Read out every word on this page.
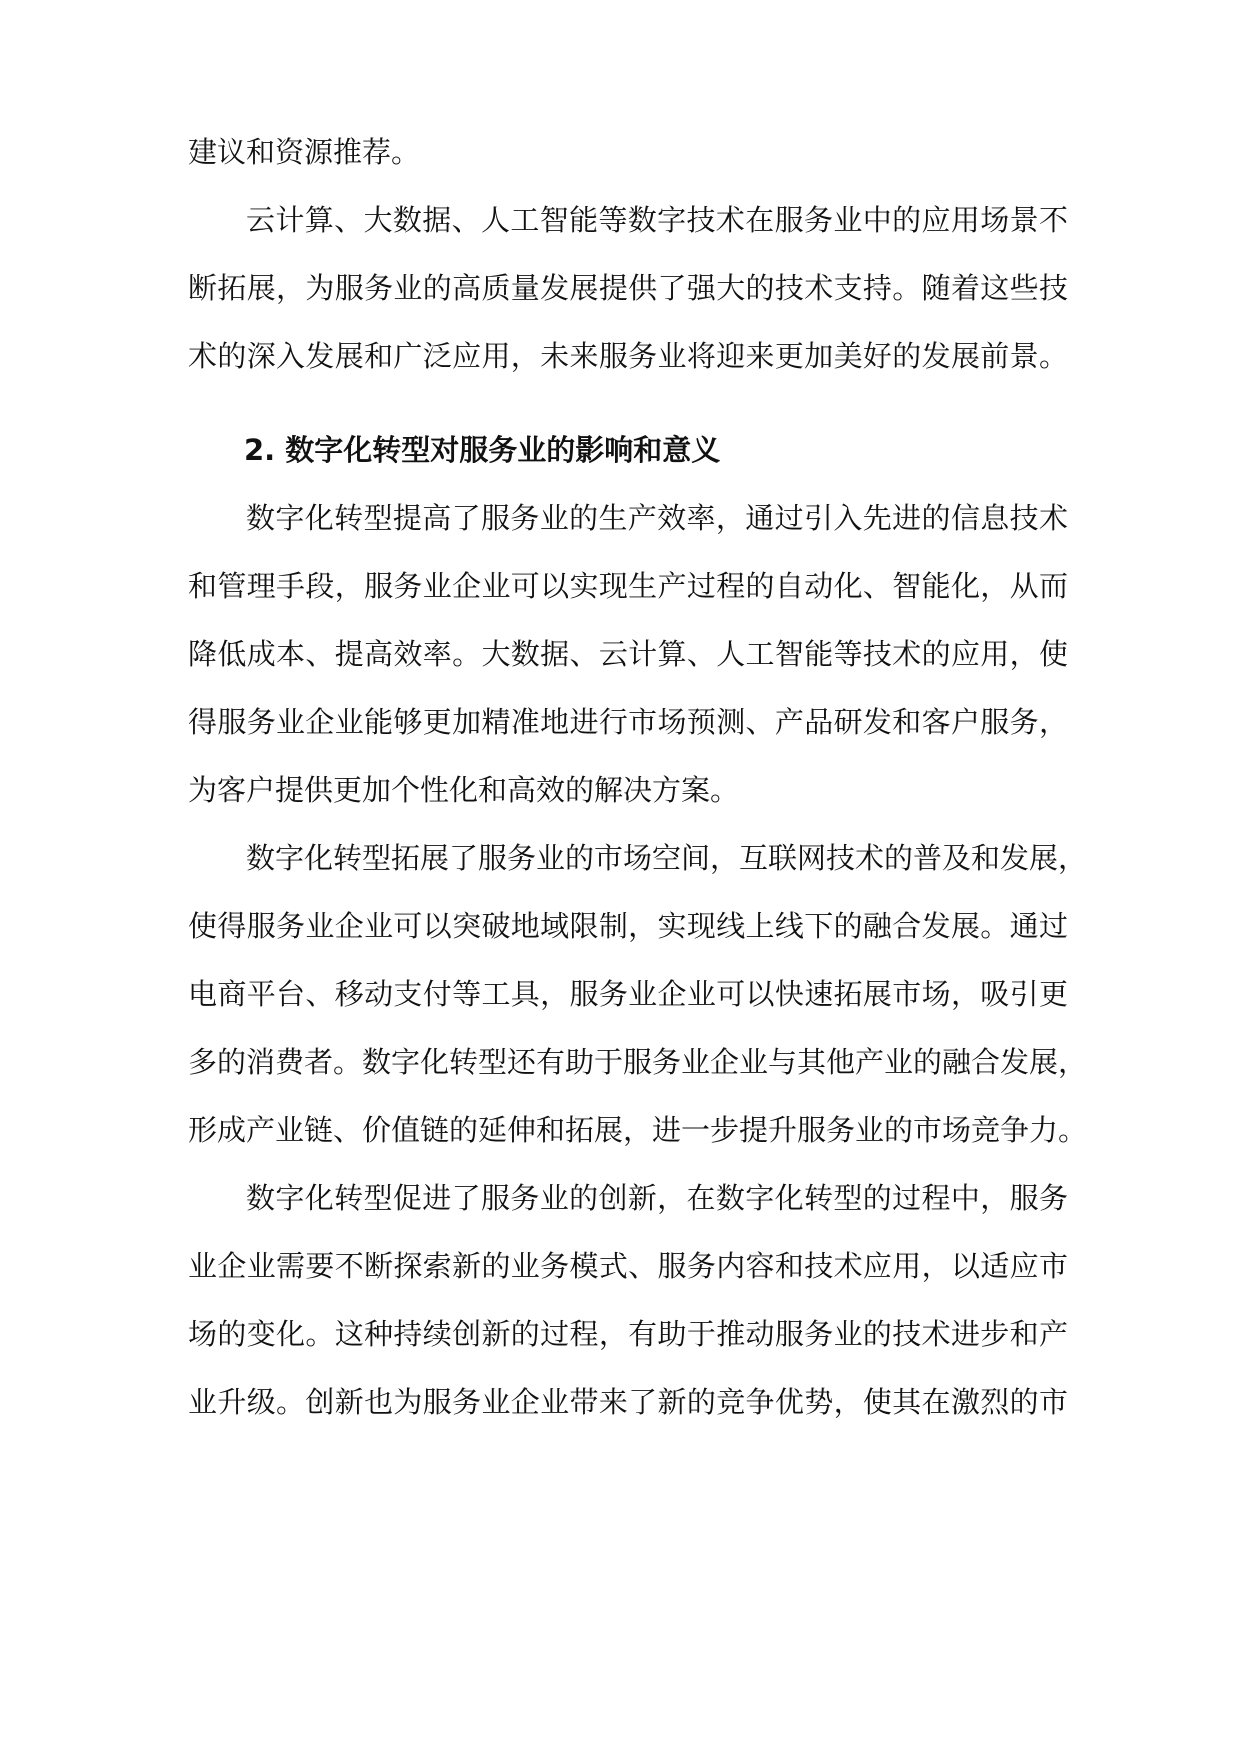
建议和资源推荐。

云计算、大数据、人工智能等数字技术在服务业中的应用场景不

断拓展，为服务业的高质量发展提供了强大的技术支持。随着这些技

术的深入发展和广泛应用，未来服务业将迎来更加美好的发展前景。

2. 数字化转型对服务业的影响和意义

数字化转型提高了服务业的生产效率，通过引入先进的信息技术

和管理手段，服务业企业可以实现生产过程的自动化、智能化，从而

降低成本、提高效率。大数据、云计算、人工智能等技术的应用，使

得服务业企业能够更加精准地进行市场预测、产品研发和客户服务，

为客户提供更加个性化和高效的解决方案。

数字化转型拓展了服务业的市场空间，互联网技术的普及和发展，

使得服务业企业可以突破地域限制，实现线上线下的融合发展。通过

电商平台、移动支付等工具，服务业企业可以快速拓展市场，吸引更

多的消费者。数字化转型还有助于服务业企业与其他产业的融合发展，

形成产业链、价值链的延伸和拓展，进一步提升服务业的市场竞争力。

数字化转型促进了服务业的创新，在数字化转型的过程中，服务

业企业需要不断探索新的业务模式、服务内容和技术应用，以适应市

场的变化。这种持续创新的过程，有助于推动服务业的技术进步和产

业升级。创新也为服务业企业带来了新的竞争优势，使其在激烈的市
